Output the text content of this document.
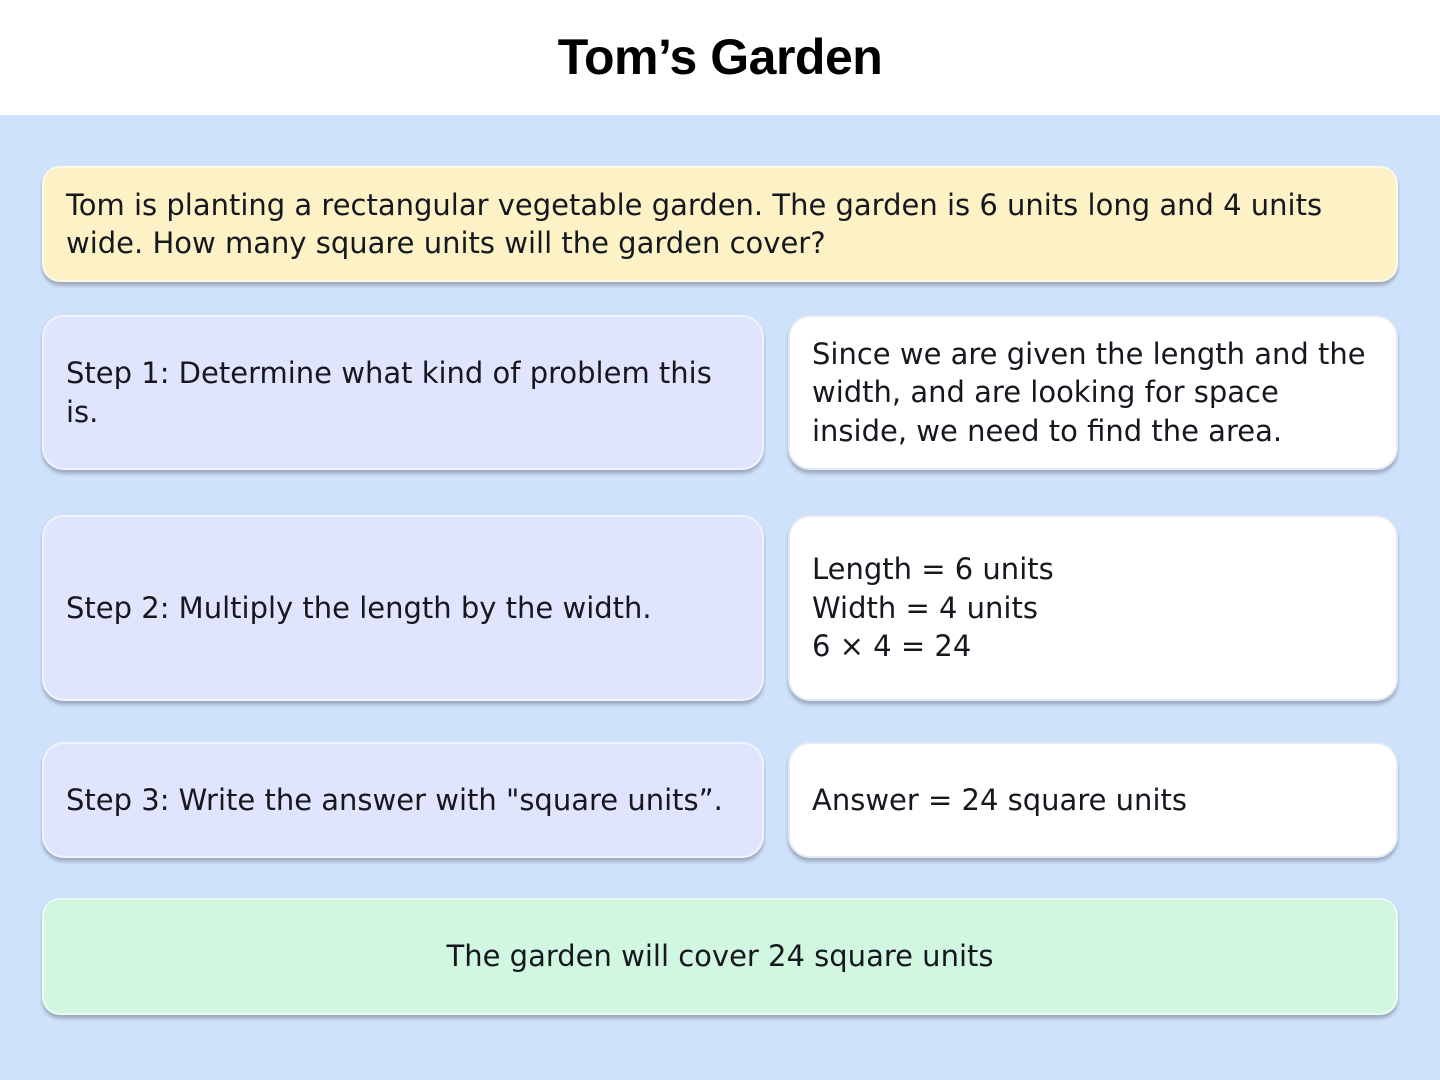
Tom’s Garden

Tom is planting a rectangular vegetable garden. The garden is 6 units long and 4 units wide. How many square units will the garden cover?

Step 1: Determine what kind of problem this is.

Since we are given the length and the width, and are looking for space inside, we need to find the area.

Step 2: Multiply the length by the width.

Length = 6 units
Width = 4 units
6 × 4 = 24

Step 3: Write the answer with "square units”.	Answer = 24 square units

The garden will cover 24 square units
